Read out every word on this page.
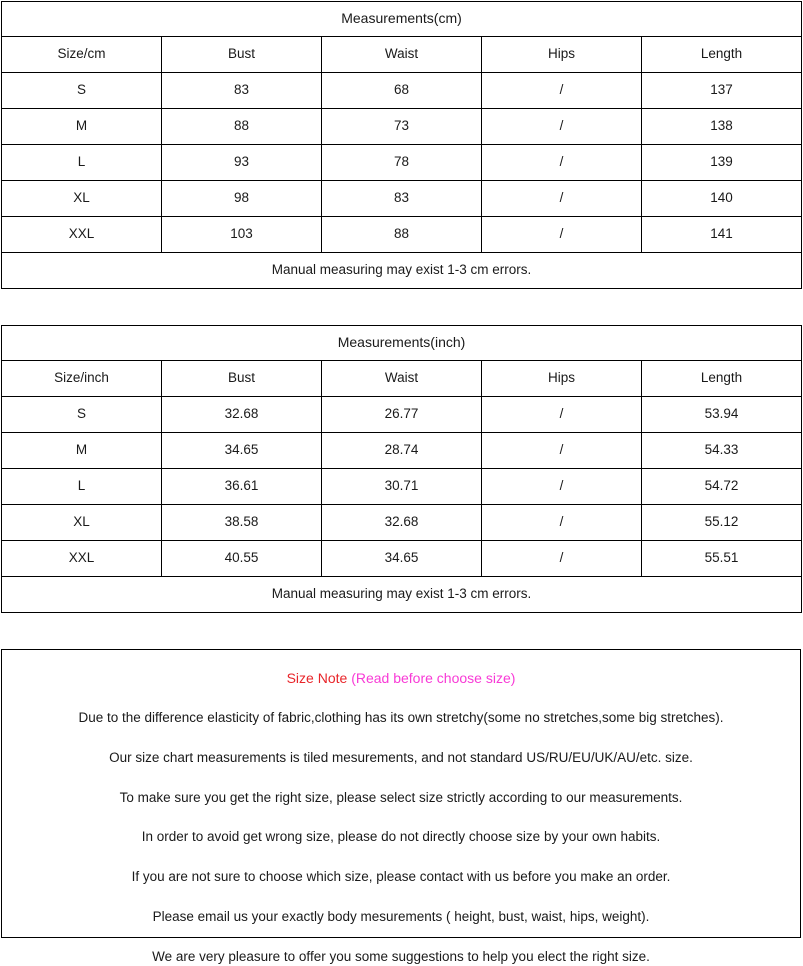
Measurements(cm)				
Size/cm	Bust	Waist	Hips	Length
S	83	68	/	137
M	88	73	/	138
L	93	78	/	139
XL	98	83	/	140
XXL	103	88	/	141
Manual measuring may exist 1-3 cm errors.				
Measurements(inch)				
Size/inch	Bust	Waist	Hips	Length
S	32.68	26.77	/	53.94
M	34.65	28.74	/	54.33
L	36.61	30.71	/	54.72
XL	38.58	32.68	/	55.12
XXL	40.55	34.65	/	55.51
Manual measuring may exist 1-3 cm errors.				
Size Note (Read before choose size)
Due to the difference elasticity of fabric,clothing has its own stretchy(some no stretches,some big stretches).
Our size chart measurements is tiled mesurements, and not standard US/RU/EU/UK/AU/etc. size.
To make sure you get the right size, please select size strictly according to our measurements.
In order to avoid get wrong size, please do not directly choose size by your own habits.
If you are not sure to choose which size, please contact with us before you make an order.
Please email us your exactly body mesurements ( height, bust, waist, hips, weight).
We are very pleasure to offer you some suggestions to help you elect the right size.
